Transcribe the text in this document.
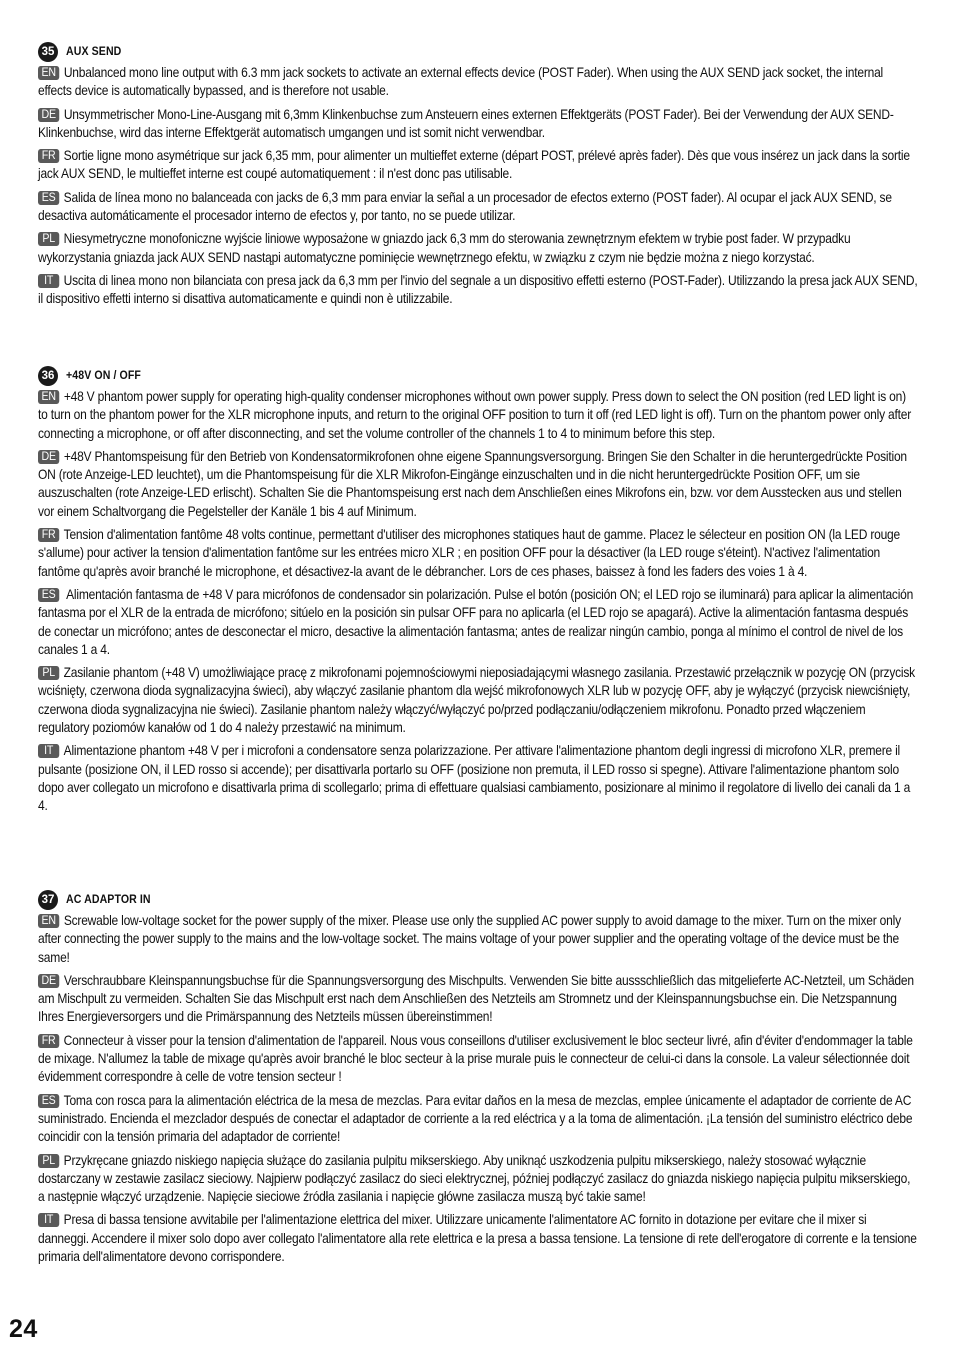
35	AUX SEND

EN Unbalanced mono line output with 6.3 mm jack sockets to activate an external effects device (POST Fader). When using the AUX SEND jack socket, the internal effects device is automatically bypassed, and is therefore not usable.

DE Unsymmetrischer Mono-Line-Ausgang mit 6,3mm Klinkenbuchse zum Ansteuern eines externen Effektgeräts (POST Fader). Bei der Verwendung der AUX SEND-Klinkenbuchse, wird das interne Effektgerät automatisch umgangen und ist somit nicht verwendbar.

FR Sortie ligne mono asymétrique sur jack 6,35 mm, pour alimenter un multieffet externe (départ POST, prélevé après fader). Dès que vous insérez un jack dans la sortie jack AUX SEND, le multieffet interne est coupé automatiquement : il n'est donc pas utilisable.

ES Salida de línea mono no balanceada con jacks de 6,3 mm para enviar la señal a un procesador de efectos externo (POST fader). Al ocupar el jack AUX SEND, se desactiva automáticamente el procesador interno de efectos y, por tanto, no se puede utilizar.

PL Niesymetryczne monofoniczne wyjście liniowe wyposażone w gniazdo jack 6,3 mm do sterowania zewnętrznym efektem w trybie post fader. W przypadku wykorzystania gniazda jack AUX SEND nastąpi automatyczne pominięcie wewnętrznego efektu, w związku z czym nie będzie można z niego korzystać.

IT Uscita di linea mono non bilanciata con presa jack da 6,3 mm per l'invio del segnale a un dispositivo effetti esterno (POST-Fader). Utilizzando la presa jack AUX SEND, il dispositivo effetti interno si disattiva automaticamente e quindi non è utilizzabile.

36	+48V ON / OFF

EN +48 V phantom power supply for operating high-quality condenser microphones without own power supply. Press down to select the ON position (red LED light is on) to turn on the phantom power for the XLR microphone inputs, and return to the original OFF position to turn it off (red LED light is off). Turn on the phantom power only after connecting a microphone, or off after disconnecting, and set the volume controller of the channels 1 to 4 to minimum before this step.

DE +48V Phantomspeisung für den Betrieb von Kondensatormikrofonen ohne eigene Spannungsversorgung. Bringen Sie den Schalter in die heruntergedrückte Position ON (rote Anzeige-LED leuchtet), um die Phantomspeisung für die XLR Mikrofon-Eingänge einzuschalten und in die nicht heruntergedrückte Position OFF, um sie auszuschalten (rote Anzeige-LED erlischt). Schalten Sie die Phantomspeisung erst nach dem Anschließen eines Mikrofons ein, bzw. vor dem Ausstecken aus und stellen vor einem Schaltvorgang die Pegelsteller der Kanäle 1 bis 4 auf Minimum.

FR Tension d'alimentation fantôme 48 volts continue, permettant d'utiliser des microphones statiques haut de gamme. Placez le sélecteur en position ON (la LED rouge s'allume) pour activer la tension d'alimentation fantôme sur les entrées micro XLR ; en position OFF pour la désactiver (la LED rouge s'éteint). N'activez l'alimentation fantôme qu'après avoir branché le microphone, et désactivez-la avant de le débrancher. Lors de ces phases, baissez à fond les faders des voies 1 à 4.

ES Alimentación fantasma de +48 V para micrófonos de condensador sin polarización. Pulse el botón (posición ON; el LED rojo se iluminará) para aplicar la alimentación fantasma por el XLR de la entrada de micrófono; sitúelo en la posición sin pulsar OFF para no aplicarla (el LED rojo se apagará). Active la alimentación fantasma después de conectar un micrófono; antes de desconectar el micro, desactive la alimentación fantasma; antes de realizar ningún cambio, ponga al mínimo el control de nivel de los canales 1 a 4.

PL Zasilanie phantom (+48 V) umożliwiające pracę z mikrofonami pojemnościowymi nieposiadającymi własnego zasilania. Przestawić przełącznik w pozycję ON (przycisk wciśnięty, czerwona dioda sygnalizacyjna świeci), aby włączyć zasilanie phantom dla wejść mikrofonowych XLR lub w pozycję OFF, aby je wyłączyć (przycisk niewciśnięty, czerwona dioda sygnalizacyjna nie świeci). Zasilanie phantom należy włączyć/wyłączyć po/przed podłączaniu/odłączeniem mikrofonu. Ponadto przed włączeniem regulatory poziomów kanałów od 1 do 4 należy przestawić na minimum.

IT Alimentazione phantom +48 V per i microfoni a condensatore senza polarizzazione. Per attivare l'alimentazione phantom degli ingressi di microfono XLR, premere il pulsante (posizione ON, il LED rosso si accende); per disattivarla portarlo su OFF (posizione non premuta, il LED rosso si spegne). Attivare l'alimentazione phantom solo dopo aver collegato un microfono e disattivarla prima di scollegarlo; prima di effettuare qualsiasi cambiamento, posizionare al minimo il regolatore di livello dei canali da 1 a 4.

37	AC ADAPTOR IN

EN Screwable low-voltage socket for the power supply of the mixer. Please use only the supplied AC power supply to avoid damage to the mixer. Turn on the mixer only after connecting the power supply to the mains and the low-voltage socket. The mains voltage of your power supplier and the operating voltage of the device must be the same!

DE Verschraubbare Kleinspannungsbuchse für die Spannungsversorgung des Mischpults. Verwenden Sie bitte aussschließlich das mitgelieferte AC-Netzteil, um Schäden am Mischpult zu vermeiden. Schalten Sie das Mischpult erst nach dem Anschließen des Netzteils am Stromnetz und der Kleinspannungsbuchse ein. Die Netzspannung Ihres Energieversorgers und die Primärspannung des Netzteils müssen übereinstimmen!

FR Connecteur à visser pour la tension d'alimentation de l'appareil. Nous vous conseillons d'utiliser exclusivement le bloc secteur livré, afin d'éviter d'endommager la table de mixage. N'allumez la table de mixage qu'après avoir branché le bloc secteur à la prise murale puis le connecteur de celui-ci dans la console. La valeur sélectionnée doit évidemment correspondre à celle de votre tension secteur !

ES Toma con rosca para la alimentación eléctrica de la mesa de mezclas. Para evitar daños en la mesa de mezclas, emplee únicamente el adaptador de corriente de AC suministrado. Encienda el mezclador después de conectar el adaptador de corriente a la red eléctrica y a la toma de alimentación. ¡La tensión del suministro eléctrico debe coincidir con la tensión primaria del adaptador de corriente!

PL Przykręcane gniazdo niskiego napięcia służące do zasilania pulpitu mikserskiego. Aby uniknąć uszkodzenia pulpitu mikserskiego, należy stosować wyłącznie dostarczany w zestawie zasilacz sieciowy. Najpierw podłączyć zasilacz do sieci elektrycznej, później podłączyć zasilacz do gniazda niskiego napięcia pulpitu mikserskiego, a następnie włączyć urządzenie. Napięcie sieciowe źródła zasilania i napięcie główne zasilacza muszą być takie same!

IT Presa di bassa tensione avvitabile per l'alimentazione elettrica del mixer. Utilizzare unicamente l'alimentatore AC fornito in dotazione per evitare che il mixer si danneggi. Accendere il mixer solo dopo aver collegato l'alimentatore alla rete elettrica e la presa a bassa tensione. La tensione di rete dell'erogatore di corrente e la tensione primaria dell'alimentatore devono corrispondere.

24
